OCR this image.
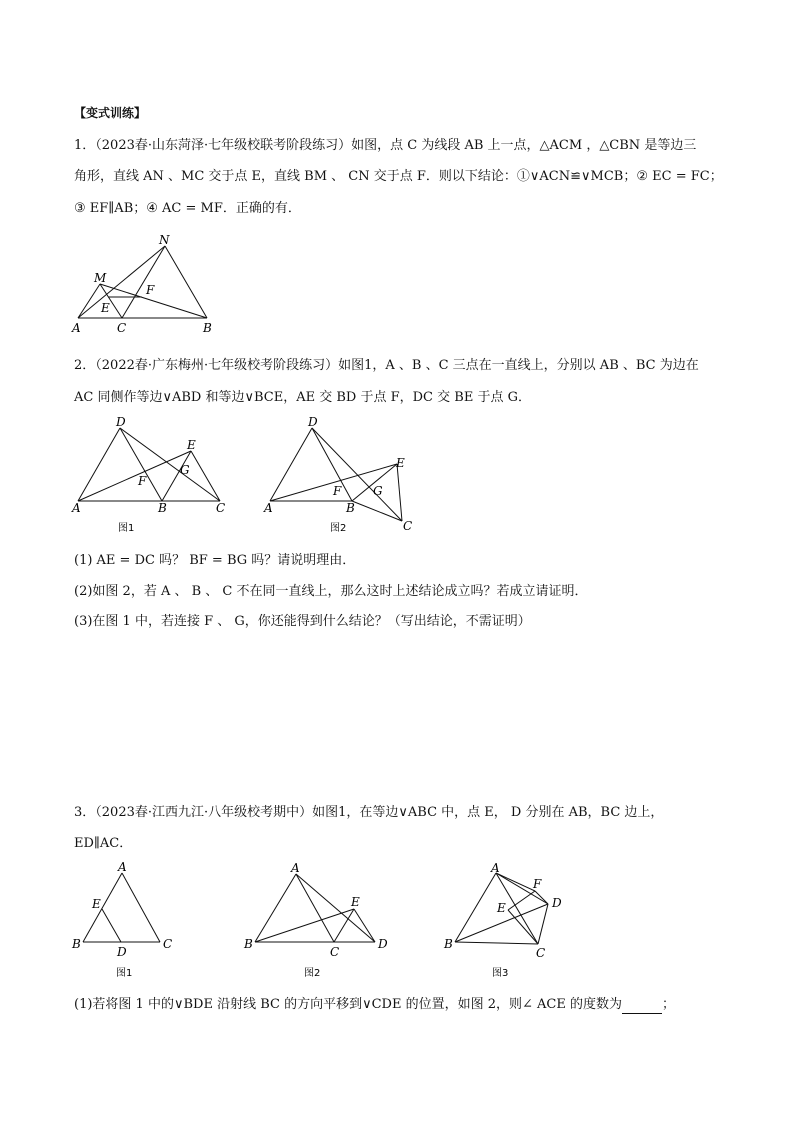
【变式训练】
1．（2023春·山东菏泽·七年级校联考阶段练习）如图，点 C 为线段 AB 上一点，△ACM ，△CBN 是等边三
角形，直线 AN 、MC 交于点 E，直线 BM 、 CN 交于点 F．则以下结论：①∨ACN≌∨MCB；② EC = FC；
③ EF∥AB；④ AC = MF．正确的有．
N
M
F
E
A	C	B
2．（2022春·广东梅州·七年级校考阶段练习）如图1，A 、B 、C 三点在一直线上，分别以 AB 、BC 为边在
AC 同侧作等边∨ABD 和等边∨BCE，AE 交 BD 于点 F，DC 交 BE 于点 G．
D
E
G
F
A	B	C
图1
D
E
F	G
A	B
C
图2
(1) AE = DC 吗？ BF = BG 吗？请说明理由．
(2)如图 2，若 A 、 B 、 C 不在同一直线上，那么这时上述结论成立吗？若成立请证明．
(3)在图 1 中，若连接 F 、 G，你还能得到什么结论？（写出结论，不需证明）
3．（2023春·江西九江·八年级校考期中）如图1，在等边∨ABC 中，点 E， D 分别在 AB，BC 边上，
ED∥AC．
A
E
B
D
C
图1
A
E
B
C
D
图2
A
F
D
E
B
C
图3
(1)若将图 1 中的∨BDE 沿射线 BC 的方向平移到∨CDE 的位置，如图 2，则∠ ACE 的度数为	；
